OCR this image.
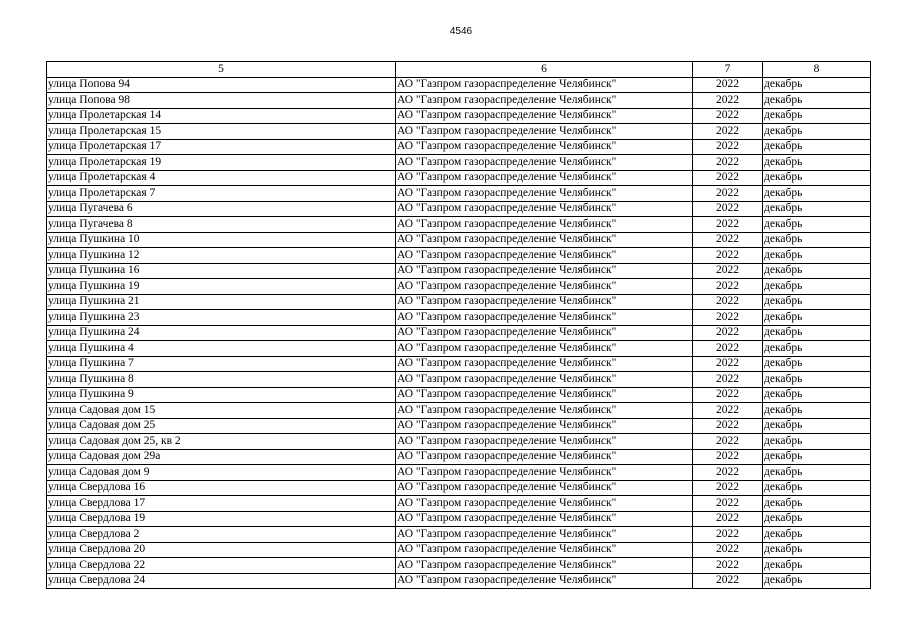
4546
5	6	7	8
улица Попова 94	АО "Газпром газораспределение Челябинск"	2022	декабрь
улица Попова 98	АО "Газпром газораспределение Челябинск"	2022	декабрь
улица Пролетарская 14	АО "Газпром газораспределение Челябинск"	2022	декабрь
улица Пролетарская 15	АО "Газпром газораспределение Челябинск"	2022	декабрь
улица Пролетарская 17	АО "Газпром газораспределение Челябинск"	2022	декабрь
улица Пролетарская 19	АО "Газпром газораспределение Челябинск"	2022	декабрь
улица Пролетарская 4	АО "Газпром газораспределение Челябинск"	2022	декабрь
улица Пролетарская 7	АО "Газпром газораспределение Челябинск"	2022	декабрь
улица Пугачева 6	АО "Газпром газораспределение Челябинск"	2022	декабрь
улица Пугачева 8	АО "Газпром газораспределение Челябинск"	2022	декабрь
улица Пушкина 10	АО "Газпром газораспределение Челябинск"	2022	декабрь
улица Пушкина 12	АО "Газпром газораспределение Челябинск"	2022	декабрь
улица Пушкина 16	АО "Газпром газораспределение Челябинск"	2022	декабрь
улица Пушкина 19	АО "Газпром газораспределение Челябинск"	2022	декабрь
улица Пушкина 21	АО "Газпром газораспределение Челябинск"	2022	декабрь
улица Пушкина 23	АО "Газпром газораспределение Челябинск"	2022	декабрь
улица Пушкина 24	АО "Газпром газораспределение Челябинск"	2022	декабрь
улица Пушкина 4	АО "Газпром газораспределение Челябинск"	2022	декабрь
улица Пушкина 7	АО "Газпром газораспределение Челябинск"	2022	декабрь
улица Пушкина 8	АО "Газпром газораспределение Челябинск"	2022	декабрь
улица Пушкина 9	АО "Газпром газораспределение Челябинск"	2022	декабрь
улица Садовая дом 15	АО "Газпром газораспределение Челябинск"	2022	декабрь
улица Садовая дом 25	АО "Газпром газораспределение Челябинск"	2022	декабрь
улица Садовая дом 25, кв 2	АО "Газпром газораспределение Челябинск"	2022	декабрь
улица Садовая дом 29а	АО "Газпром газораспределение Челябинск"	2022	декабрь
улица Садовая дом 9	АО "Газпром газораспределение Челябинск"	2022	декабрь
улица Свердлова 16	АО "Газпром газораспределение Челябинск"	2022	декабрь
улица Свердлова 17	АО "Газпром газораспределение Челябинск"	2022	декабрь
улица Свердлова 19	АО "Газпром газораспределение Челябинск"	2022	декабрь
улица Свердлова 2	АО "Газпром газораспределение Челябинск"	2022	декабрь
улица Свердлова 20	АО "Газпром газораспределение Челябинск"	2022	декабрь
улица Свердлова 22	АО "Газпром газораспределение Челябинск"	2022	декабрь
улица Свердлова 24	АО "Газпром газораспределение Челябинск"	2022	декабрь
